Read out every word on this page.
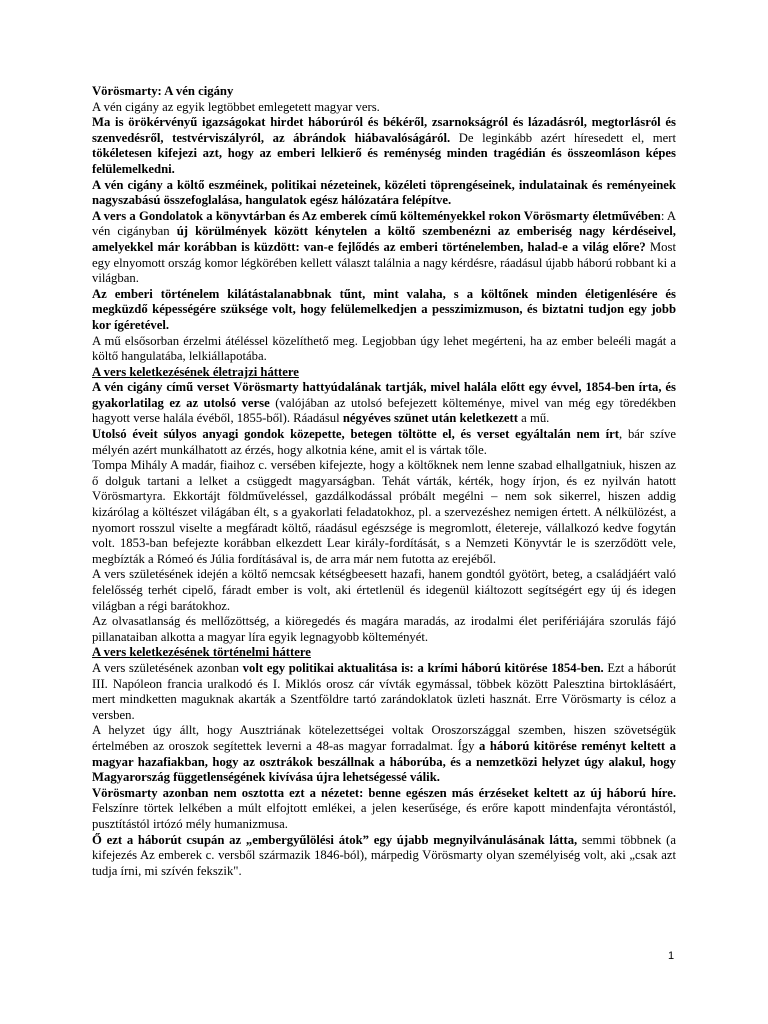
Vörösmarty: A vén cigány

A vén cigány az egyik legtöbbet emlegetett magyar vers.

Ma is örökérvényű igazságokat hirdet háborúról és békéről, zsarnokságról és lázadásról, megtorlásról és szenvedésről, testvérviszályról, az ábrándok hiábavalóságáról. De leginkább azért híresedett el, mert tökéletesen kifejezi azt, hogy az emberi lelkierő és reménység minden tragédián és összeomláson képes felülemelkedni.

A vén cigány a költő eszméinek, politikai nézeteinek, közéleti töprengéseinek, indulatainak és reményeinek nagyszabású összefoglalása, hangulatok egész hálózatára felépítve.

A vers a Gondolatok a könyvtárban és Az emberek című költeményekkel rokon Vörösmarty életművében: A vén cigányban új körülmények között kénytelen a költő szembenézni az emberiség nagy kérdéseivel, amelyekkel már korábban is küzdött: van-e fejlődés az emberi történelemben, halad-e a világ előre? Most egy elnyomott ország komor légkörében kellett választ találnia a nagy kérdésre, ráadásul újabb háború robbant ki a világban.

Az emberi történelem kilátástalanabbnak tűnt, mint valaha, s a költőnek minden életigenlésére és megküzdő képességére szüksége volt, hogy felülemelkedjen a pesszimizmuson, és biztatni tudjon egy jobb kor ígéretével.

A mű elsősorban érzelmi átéléssel közelíthető meg. Legjobban úgy lehet megérteni, ha az ember beleéli magát a költő hangulatába, lelkiállapotába.

A vers keletkezésének életrajzi háttere

A vén cigány című verset Vörösmarty hattyúdalának tartják, mivel halála előtt egy évvel, 1854-ben írta, és gyakorlatilag ez az utolsó verse (valójában az utolsó befejezett költeménye, mivel van még egy töredékben hagyott verse halála évéből, 1855-ből). Ráadásul négyéves szünet után keletkezett a mű.

Utolsó éveit súlyos anyagi gondok közepette, betegen töltötte el, és verset egyáltalán nem írt, bár szíve mélyén azért munkálhatott az érzés, hogy alkotnia kéne, amit el is vártak tőle.

Tompa Mihály A madár, fiaihoz c. versében kifejezte, hogy a költőknek nem lenne szabad elhallgatniuk, hiszen az ő dolguk tartani a lelket a csüggedt magyarságban. Tehát várták, kérték, hogy írjon, és ez nyilván hatott Vörösmartyra. Ekkortájt földműveléssel, gazdálkodással próbált megélni – nem sok sikerrel, hiszen addig kizárólag a költészet világában élt, s a gyakorlati feladatokhoz, pl. a szervezéshez nemigen értett. A nélkülözést, a nyomort rosszul viselte a megfáradt költő, ráadásul egészsége is megromlott, életereje, vállalkozó kedve fogytán volt. 1853-ban befejezte korábban elkezdett Lear király-fordítását, s a Nemzeti Könyvtár le is szerződött vele, megbízták a Rómeó és Júlia fordításával is, de arra már nem futotta az erejéből.

A vers születésének idején a költő nemcsak kétségbeesett hazafi, hanem gondtól gyötört, beteg, a családjáért való felelősség terhét cipelő, fáradt ember is volt, aki értetlenül és idegenül kiáltozott segítségért egy új és idegen világban a régi barátokhoz.

Az olvasatlanság és mellőzöttség, a kiöregedés és magára maradás, az irodalmi élet perifériájára szorulás fájó pillanataiban alkotta a magyar líra egyik legnagyobb költeményét.

A vers keletkezésének történelmi háttere

A vers születésének azonban volt egy politikai aktualitása is: a krími háború kitörése 1854-ben. Ezt a háborút III. Napóleon francia uralkodó és I. Miklós orosz cár vívták egymással, többek között Palesztina birtoklásáért, mert mindketten maguknak akarták a Szentföldre tartó zarándoklatok üzleti hasznát. Erre Vörösmarty is céloz a versben.

A helyzet úgy állt, hogy Ausztriának kötelezettségei voltak Oroszországgal szemben, hiszen szövetségük értelmében az oroszok segítettek leverni a 48-as magyar forradalmat. Így a háború kitörése reményt keltett a magyar hazafiakban, hogy az osztrákok beszállnak a háborúba, és a nemzetközi helyzet úgy alakul, hogy Magyarország függetlenségének kivívása újra lehetségessé válik.

Vörösmarty azonban nem osztotta ezt a nézetet: benne egészen más érzéseket keltett az új háború híre. Felszínre törtek lelkében a múlt elfojtott emlékei, a jelen keserűsége, és erőre kapott mindenfajta vérontástól, pusztítástól irtózó mély humanizmusa.

Ő ezt a háborút csupán az „embergyűlölési átok” egy újabb megnyilvánulásának látta, semmi többnek (a kifejezés Az emberek c. versből származik 1846-ból), márpedig Vörösmarty olyan személyiség volt, aki „csak azt tudja írni, mi szívén fekszik".

1
